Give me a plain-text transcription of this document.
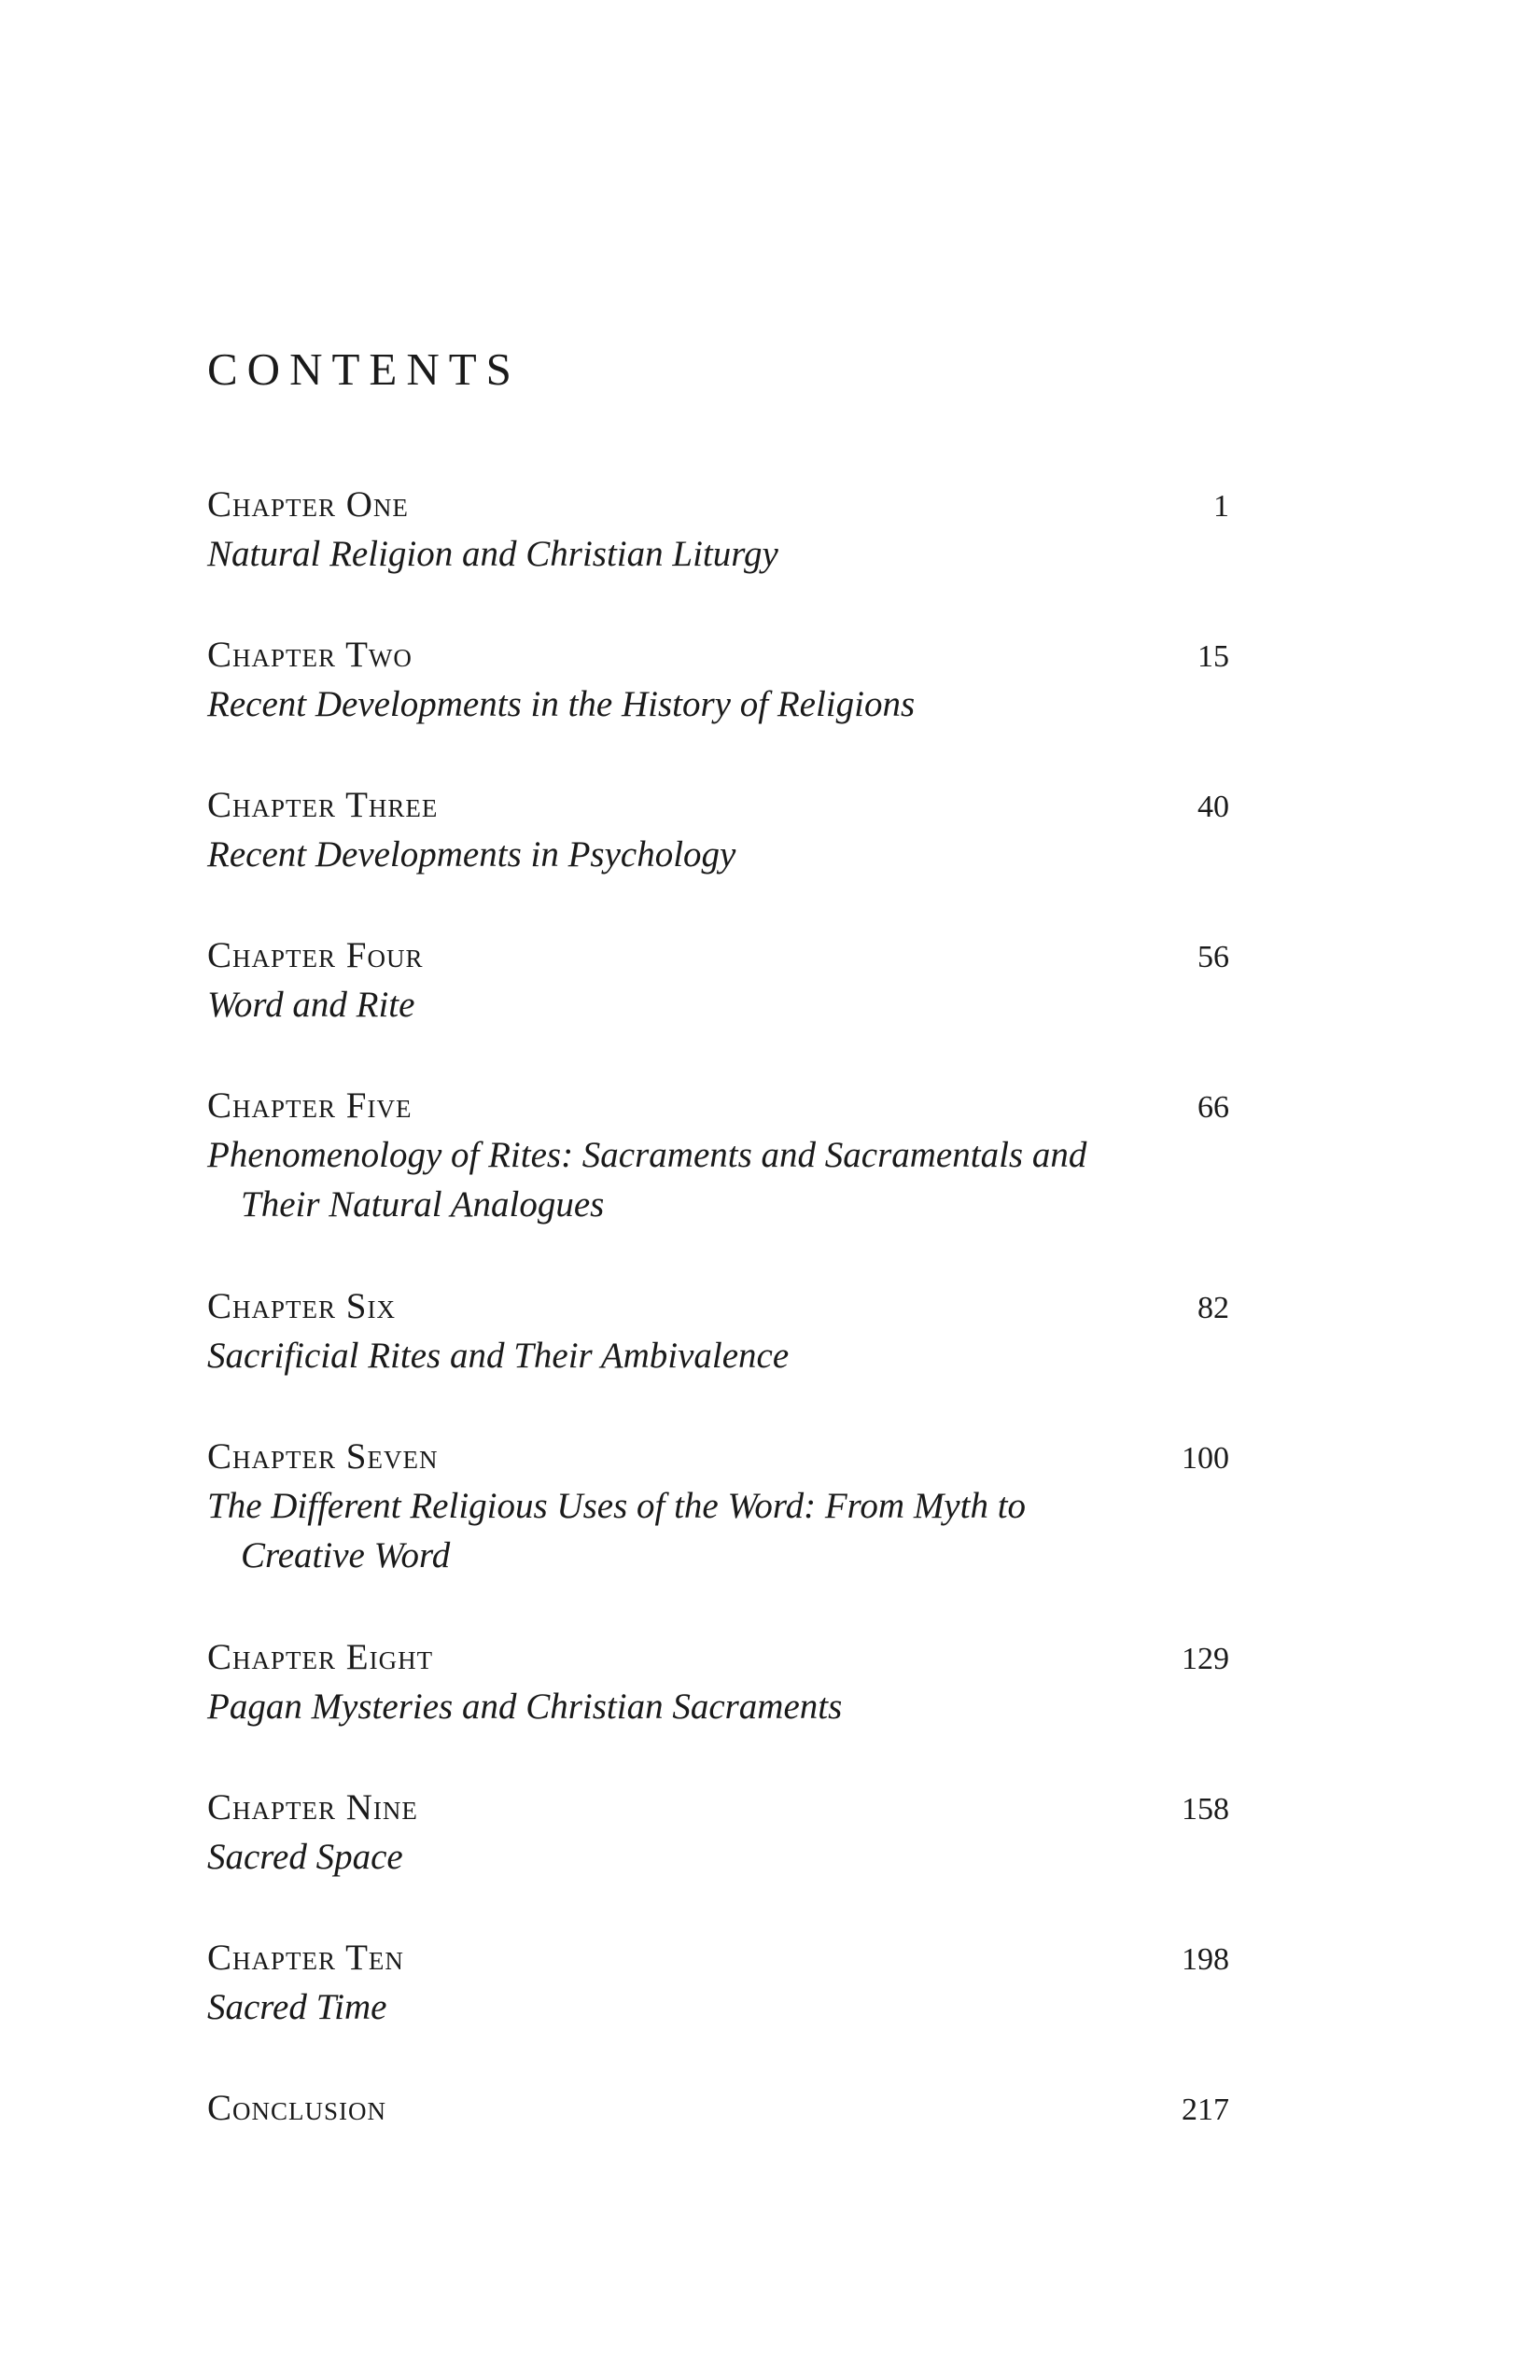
contents
Chapter One	1
Natural Religion and Christian Liturgy
Chapter Two	15
Recent Developments in the History of Religions
Chapter Three	40
Recent Developments in Psychology
Chapter Four	56
Word and Rite
Chapter Five	66
Phenomenology of Rites: Sacraments and Sacramentals and Their Natural Analogues
Chapter Six	82
Sacrificial Rites and Their Ambivalence
Chapter Seven	100
The Different Religious Uses of the Word: From Myth to Creative Word
Chapter Eight	129
Pagan Mysteries and Christian Sacraments
Chapter Nine	158
Sacred Space
Chapter Ten	198
Sacred Time
Conclusion	217
